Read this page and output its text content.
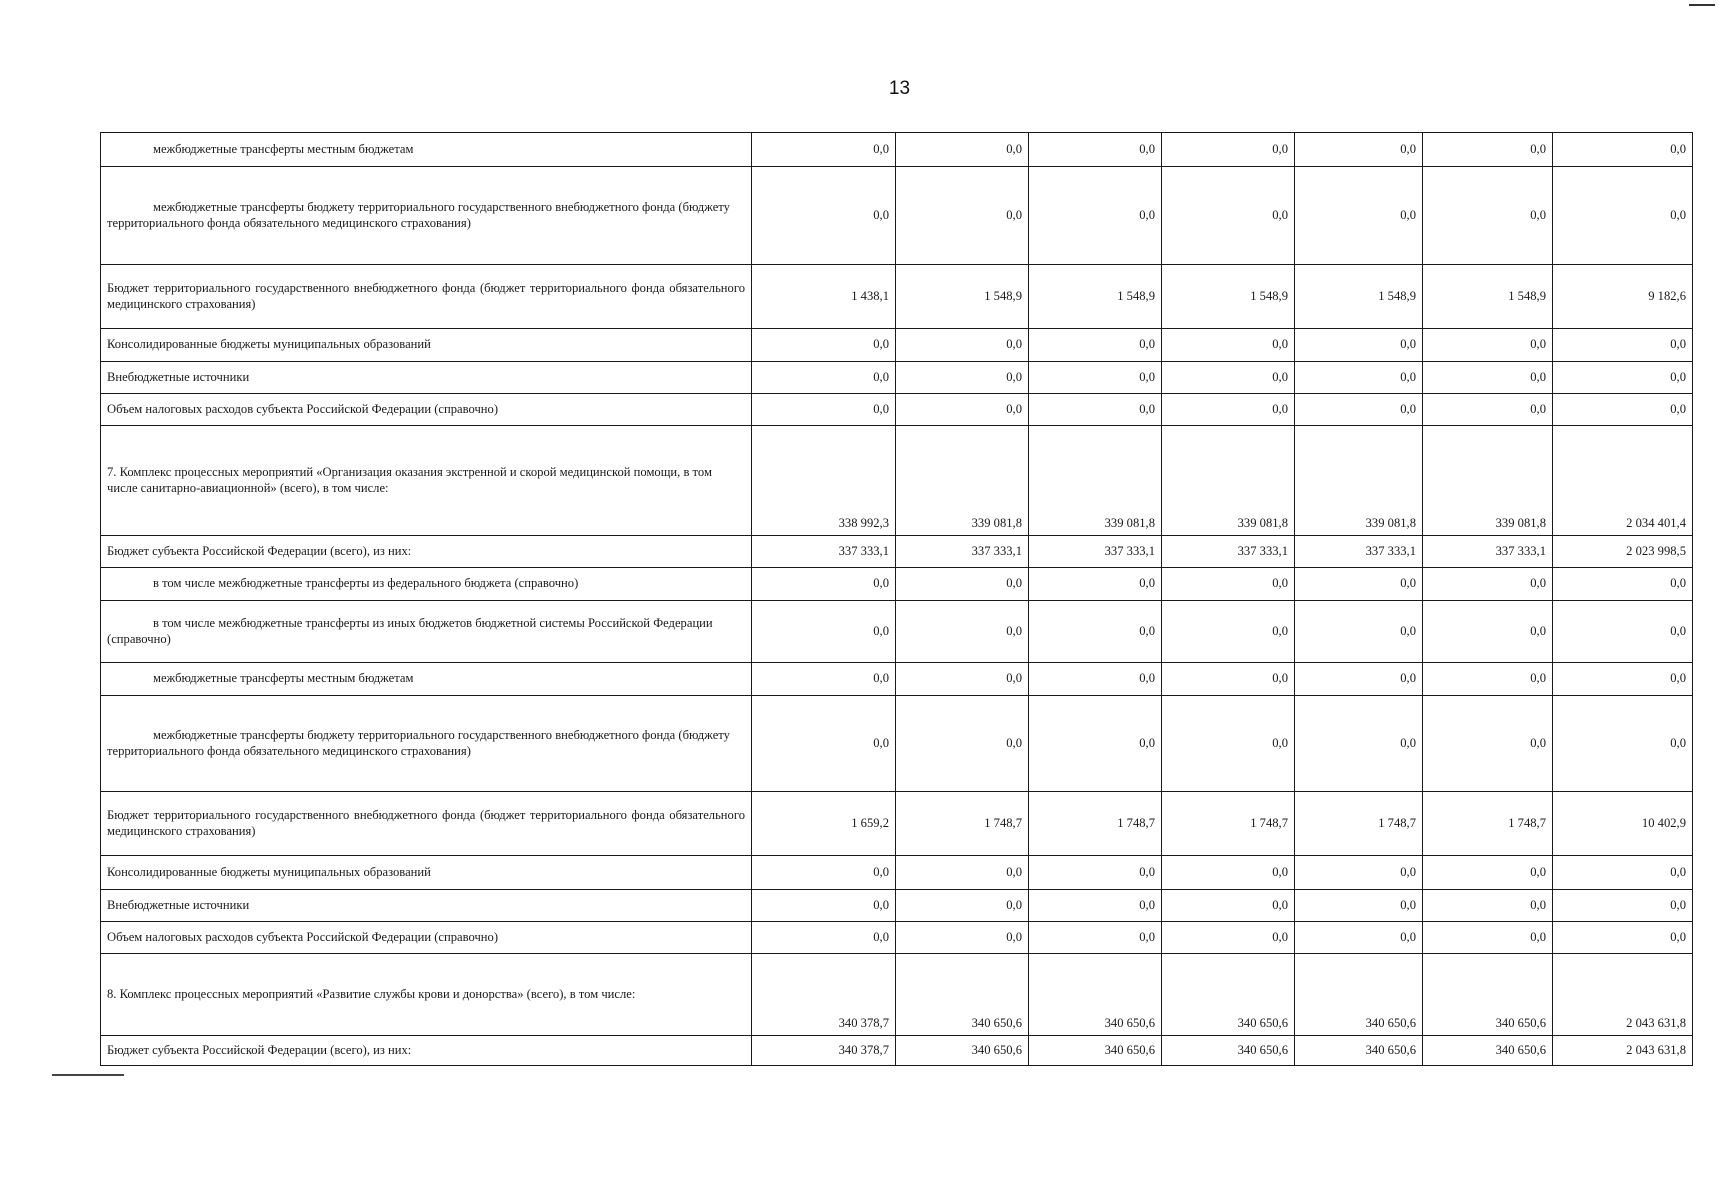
13
межбюджетные трансферты местным бюджетам	0,0	0,0	0,0	0,0	0,0	0,0	0,0
межбюджетные трансферты бюджету территориального государственного внебюджетного фонда (бюджету территориального фонда обязательного медицинского страхования)	0,0	0,0	0,0	0,0	0,0	0,0	0,0
Бюджет территориального государственного внебюджетного фонда (бюджет территориального фонда обязательного медицинского страхования)	1 438,1	1 548,9	1 548,9	1 548,9	1 548,9	1 548,9	9 182,6
Консолидированные бюджеты муниципальных образований	0,0	0,0	0,0	0,0	0,0	0,0	0,0
Внебюджетные источники	0,0	0,0	0,0	0,0	0,0	0,0	0,0
Объем налоговых расходов субъекта Российской Федерации (справочно)	0,0	0,0	0,0	0,0	0,0	0,0	0,0
7. Комплекс процессных мероприятий «Организация оказания экстренной и скорой медицинской помощи, в том числе санитарно-авиационной» (всего), в том числе:	338 992,3	339 081,8	339 081,8	339 081,8	339 081,8	339 081,8	2 034 401,4
Бюджет субъекта Российской Федерации (всего), из них:	337 333,1	337 333,1	337 333,1	337 333,1	337 333,1	337 333,1	2 023 998,5
в том числе межбюджетные трансферты из федерального бюджета (справочно)	0,0	0,0	0,0	0,0	0,0	0,0	0,0
в том числе межбюджетные трансферты из иных бюджетов бюджетной системы Российской Федерации (справочно)	0,0	0,0	0,0	0,0	0,0	0,0	0,0
межбюджетные трансферты местным бюджетам	0,0	0,0	0,0	0,0	0,0	0,0	0,0
межбюджетные трансферты бюджету территориального государственного внебюджетного фонда (бюджету территориального фонда обязательного медицинского страхования)	0,0	0,0	0,0	0,0	0,0	0,0	0,0
Бюджет территориального государственного внебюджетного фонда (бюджет территориального фонда обязательного медицинского страхования)	1 659,2	1 748,7	1 748,7	1 748,7	1 748,7	1 748,7	10 402,9
Консолидированные бюджеты муниципальных образований	0,0	0,0	0,0	0,0	0,0	0,0	0,0
Внебюджетные источники	0,0	0,0	0,0	0,0	0,0	0,0	0,0
Объем налоговых расходов субъекта Российской Федерации (справочно)	0,0	0,0	0,0	0,0	0,0	0,0	0,0
8. Комплекс процессных мероприятий «Развитие службы крови и донорства» (всего), в том числе:	340 378,7	340 650,6	340 650,6	340 650,6	340 650,6	340 650,6	2 043 631,8
Бюджет субъекта Российской Федерации (всего), из них:	340 378,7	340 650,6	340 650,6	340 650,6	340 650,6	340 650,6	2 043 631,8
